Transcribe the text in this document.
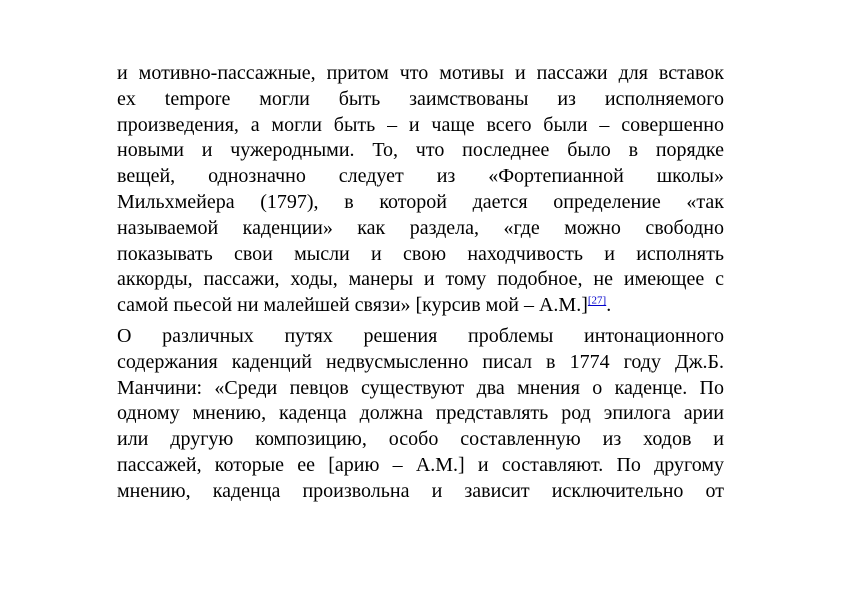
и мотивно-пассажные, притом что мотивы и пассажи для вставок
ex tempore могли быть заимствованы из исполняемого
произведения, а могли быть – и чаще всего были – совершенно
новыми и чужеродными. То, что последнее было в порядке
вещей, однозначно следует из «Фортепианной школы»
Мильхмейера (1797), в которой дается определение «так
называемой каденции» как раздела, «где можно свободно
показывать свои мысли и свою находчивость и исполнять
аккорды, пассажи, ходы, манеры и тому подобное, не имеющее с
самой пьесой ни малейшей связи» [курсив мой – А.М.][27].
О различных путях решения проблемы интонационного
содержания каденций недвусмысленно писал в 1774 году Дж.Б.
Манчини: «Среди певцов существуют два мнения о каденце. По
одному мнению, каденца должна представлять род эпилога арии
или другую композицию, особо составленную из ходов и
пассажей, которые ее [арию – А.М.] и составляют. По другому
мнению, каденца произвольна и зависит исключительно от
